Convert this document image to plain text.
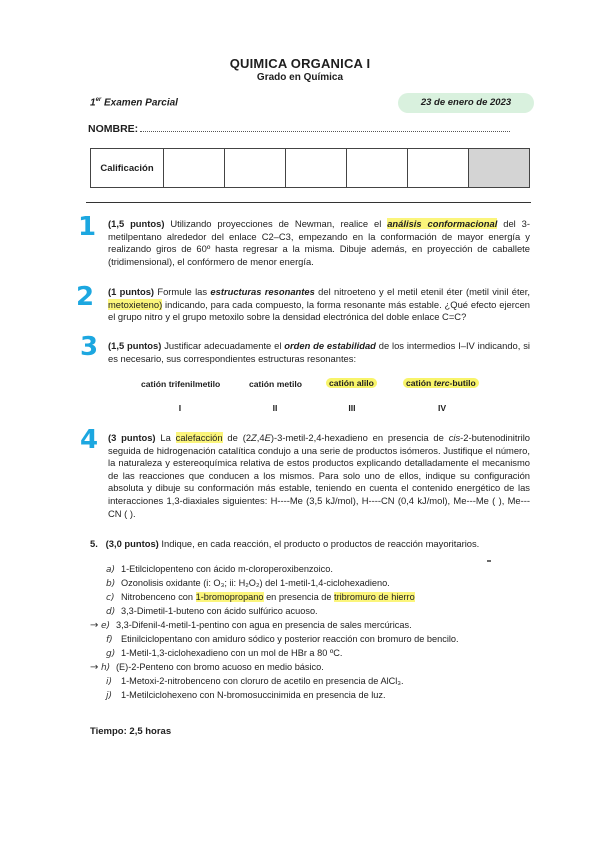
QUIMICA ORGANICA I
Grado en Química
1er Examen Parcial	23 de enero de 2023
NOMBRE:
Calificación						
1
2
3
4
(1,5 puntos) Utilizando proyecciones de Newman, realice el análisis conformacional del 3-metilpentano alrededor del enlace C2–C3, empezando en la conformación de mayor energía y realizando giros de 60º hasta regresar a la misma. Dibuje además, en proyección de caballete (tridimensional), el confórmero de menor energía.
(1 puntos) Formule las estructuras resonantes del nitroeteno y el metil etenil éter (metil vinil éter, metoxieteno) indicando, para cada compuesto, la forma resonante más estable. ¿Qué efecto ejercen el grupo nitro y el grupo metoxilo sobre la densidad electrónica del doble enlace C=C?
(1,5 puntos) Justificar adecuadamente el orden de estabilidad de los intermedios I–IV indicando, si es necesario, sus correspondientes estructuras resonantes:
catión trifenilmetilo	catión metilo	catión alilo	catión terc-butilo
I	II	III	IV
(3 puntos) La calefacción de (2Z,4E)-3-metil-2,4-hexadieno en presencia de cis-2-butenodinitrilo seguida de hidrogenación catalítica condujo a una serie de productos isómeros. Justifique el número, la naturaleza y estereoquímica relativa de estos productos explicando detalladamente el mecanismo de las reacciones que conducen a los mismos. Para solo uno de ellos, indique su configuración absoluta y dibuje su conformación más estable, teniendo en cuenta el contenido energético de las interacciones 1,3-diaxiales siguientes: H----Me (3,5 kJ/mol), H----CN (0,4 kJ/mol), Me---Me ( ), Me---CN ( ).
5. (3,0 puntos) Indique, en cada reacción, el producto o productos de reacción mayoritarios.
a) 1-Etilciclopenteno con ácido m-cloroperoxibenzoico.
b) Ozonolisis oxidante (i: O₃; ii: H₂O₂) del 1-metil-1,4-ciclohexadieno.
c) Nitrobenceno con 1-bromopropano en presencia de tribromuro de hierro
d) 3,3-Dimetil-1-buteno con ácido sulfúrico acuoso.
→ e) 3,3-Difenil-4-metil-1-pentino con agua en presencia de sales mercúricas.
f) Etinilciclopentano con amiduro sódico y posterior reacción con bromuro de bencilo.
g) 1-Metil-1,3-ciclohexadieno con un mol de HBr a 80 ºC.
→ h) (E)-2-Penteno con bromo acuoso en medio básico.
i) 1-Metoxi-2-nitrobenceno con cloruro de acetilo en presencia de AlCl₃.
j) 1-Metilciclohexeno con N-bromosuccinimida en presencia de luz.
Tiempo: 2,5 horas
